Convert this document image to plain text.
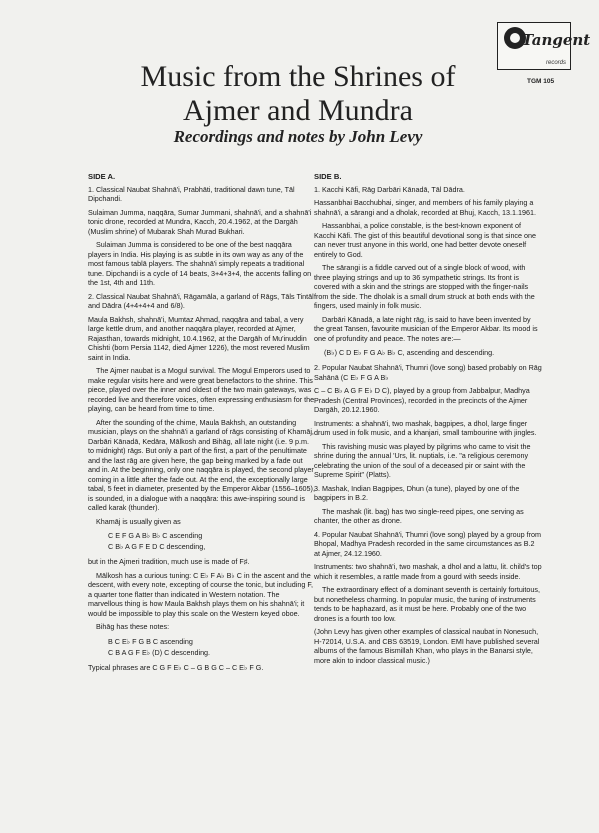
Tangent
records
TGM 105
Music from the Shrines of
Ajmer and Mundra
Recordings and notes by John Levy

SIDE A.

1. Classical Naubat Shahnā'i, Prabhāti, traditional dawn tune, Tāl Dipchandi.

Sulaiman Jumma, naqqāra, Sumar Jummani, shahnā'i, and a shahnā'i tonic drone, recorded at Mundra, Kacch, 20.4.1962, at the Dargāh (Muslim shrine) of Mubarak Shah Murad Bukhari.

Sulaiman Jumma is considered to be one of the best naqqāra players in India. His playing is as subtle in its own way as any of the most famous tablā players. The shahnā'i simply repeats a traditional tune. Dipchandi is a cycle of 14 beats, 3+4+3+4, the accents falling on the 1st, 4th and 11th.

2. Classical Naubat Shahnā'i, Rāgamāla, a garland of Rāgs, Tāls Tintāl and Dādra (4+4+4+4 and 6/8).

Maula Bakhsh, shahnā'i, Mumtaz Ahmad, naqqāra and tabal, a very large kettle drum, and another naqqāra player, recorded at Ajmer, Rajasthan, towards midnight, 10.4.1962, at the Dargāh of Mu'inuddin Chishti (born Persia 1142, died Ajmer 1226), the most revered Muslim saint in India.

The Ajmer naubat is a Mogul survival. The Mogul Emperors used to make regular visits here and were great benefactors to the shrine. This piece, played over the inner and oldest of the two main gateways, was recorded live and therefore voices, often expressing enthusiasm for the playing, can be heard from time to time.

After the sounding of the chime, Maula Bakhsh, an outstanding musician, plays on the shahnā'i a garland of rāgs consisting of Khamāj, Darbāri Kānadā, Kedāra, Mālkosh and Bihāg, all late night (i.e. 9 p.m. to midnight) rāgs. But only a part of the first, a part of the penultimate and the last rāg are given here, the gap being marked by a fade out and in. At the beginning, only one naqqāra is played, the second player coming in a little after the fade out. At the end, the exceptionally large tabal, 5 feet in diameter, presented by the Emperor Akbar (1556–1605), is sounded, in a dialogue with a naqqāra: this awe-inspiring sound is called karak (thunder).

Khamāj is usually given as

C E F G A B♭ B♭ C ascending
C B♭ A G F E D C descending,

but in the Ajmeri tradition, much use is made of F♯.

Mālkosh has a curious tuning: C E♭ F A♭ B♭ C in the ascent and the descent, with every note, excepting of course the tonic, but including F, a quarter tone flatter than indicated in Western notation. The marvellous thing is how Maula Bakhsh plays them on his shahnā'i; it would be impossible to play this scale on the Western keyed oboe.

Bihāg has these notes:

B C E♭ F G B C ascending
C B A G F E♭ (D) C descending.

Typical phrases are C G F E♭ C – G B G C – C E♭ F G.

SIDE B.

1. Kacchi Kāfi, Rāg Darbāri Kānadā, Tāl Dādra.

Hassanbhai Bacchubhai, singer, and members of his family playing a shahnā'i, a sārangi and a dholak, recorded at Bhuj, Kacch, 13.1.1961.

Hassanbhai, a police constable, is the best-known exponent of Kacchi Kāfi. The gist of this beautiful devotional song is that since one can never trust anyone in this world, one had better devote oneself entirely to God.

The sārangi is a fiddle carved out of a single block of wood, with three playing strings and up to 36 sympathetic strings. Its front is covered with a skin and the strings are stopped with the finger-nails from the side. The dholak is a small drum struck at both ends with the fingers, used mainly in folk music.

Darbāri Kānadā, a late night rāg, is said to have been invented by the great Tansen, favourite musician of the Emperor Akbar. Its mood is one of profundity and peace. The notes are:—

(B♭) C D E♭ F G A♭ B♭ C, ascending and descending.

2. Popular Naubat Shahnā'i, Thumri (love song) based probably on Rāg Sahānā (C E♭ F G A B♭

C – C B♭ A G F E♭ D C), played by a group from Jabbalpur, Madhya Pradesh (Central Provinces), recorded in the precincts of the Ajmer Dargāh, 20.12.1960.

Instruments: a shahnā'i, two mashak, bagpipes, a dhol, large finger drum used in folk music, and a khanjari, small tambourine with jingles.

This ravishing music was played by pilgrims who came to visit the shrine during the annual 'Urs, lit. nuptials, i.e. "a religious ceremony celebrating the union of the soul of a deceased pir or saint with the Supreme Spirit" (Platts).

3. Mashak, Indian Bagpipes, Dhun (a tune), played by one of the bagpipers in B.2.

The mashak (lit. bag) has two single-reed pipes, one serving as chanter, the other as drone.

4. Popular Naubat Shahnā'i, Thumri (love song) played by a group from Bhopal, Madhya Pradesh recorded in the same circumstances as B.2 at Ajmer, 24.12.1960.

Instruments: two shahnā'i, two mashak, a dhol and a lattu, lit. child's top which it resembles, a rattle made from a gourd with seeds inside.

The extraordinary effect of a dominant seventh is certainly fortuitous, but nonetheless charming. In popular music, the tuning of instruments tends to be haphazard, as it must be here. Probably one of the two drones is a fourth too low.

(John Levy has given other examples of classical naubat in Nonesuch, H-72014, U.S.A. and CBS 63519, London. EMI have published several albums of the famous Bismillah Khan, who plays in the Banarsi style, more akin to indoor classical music.)
